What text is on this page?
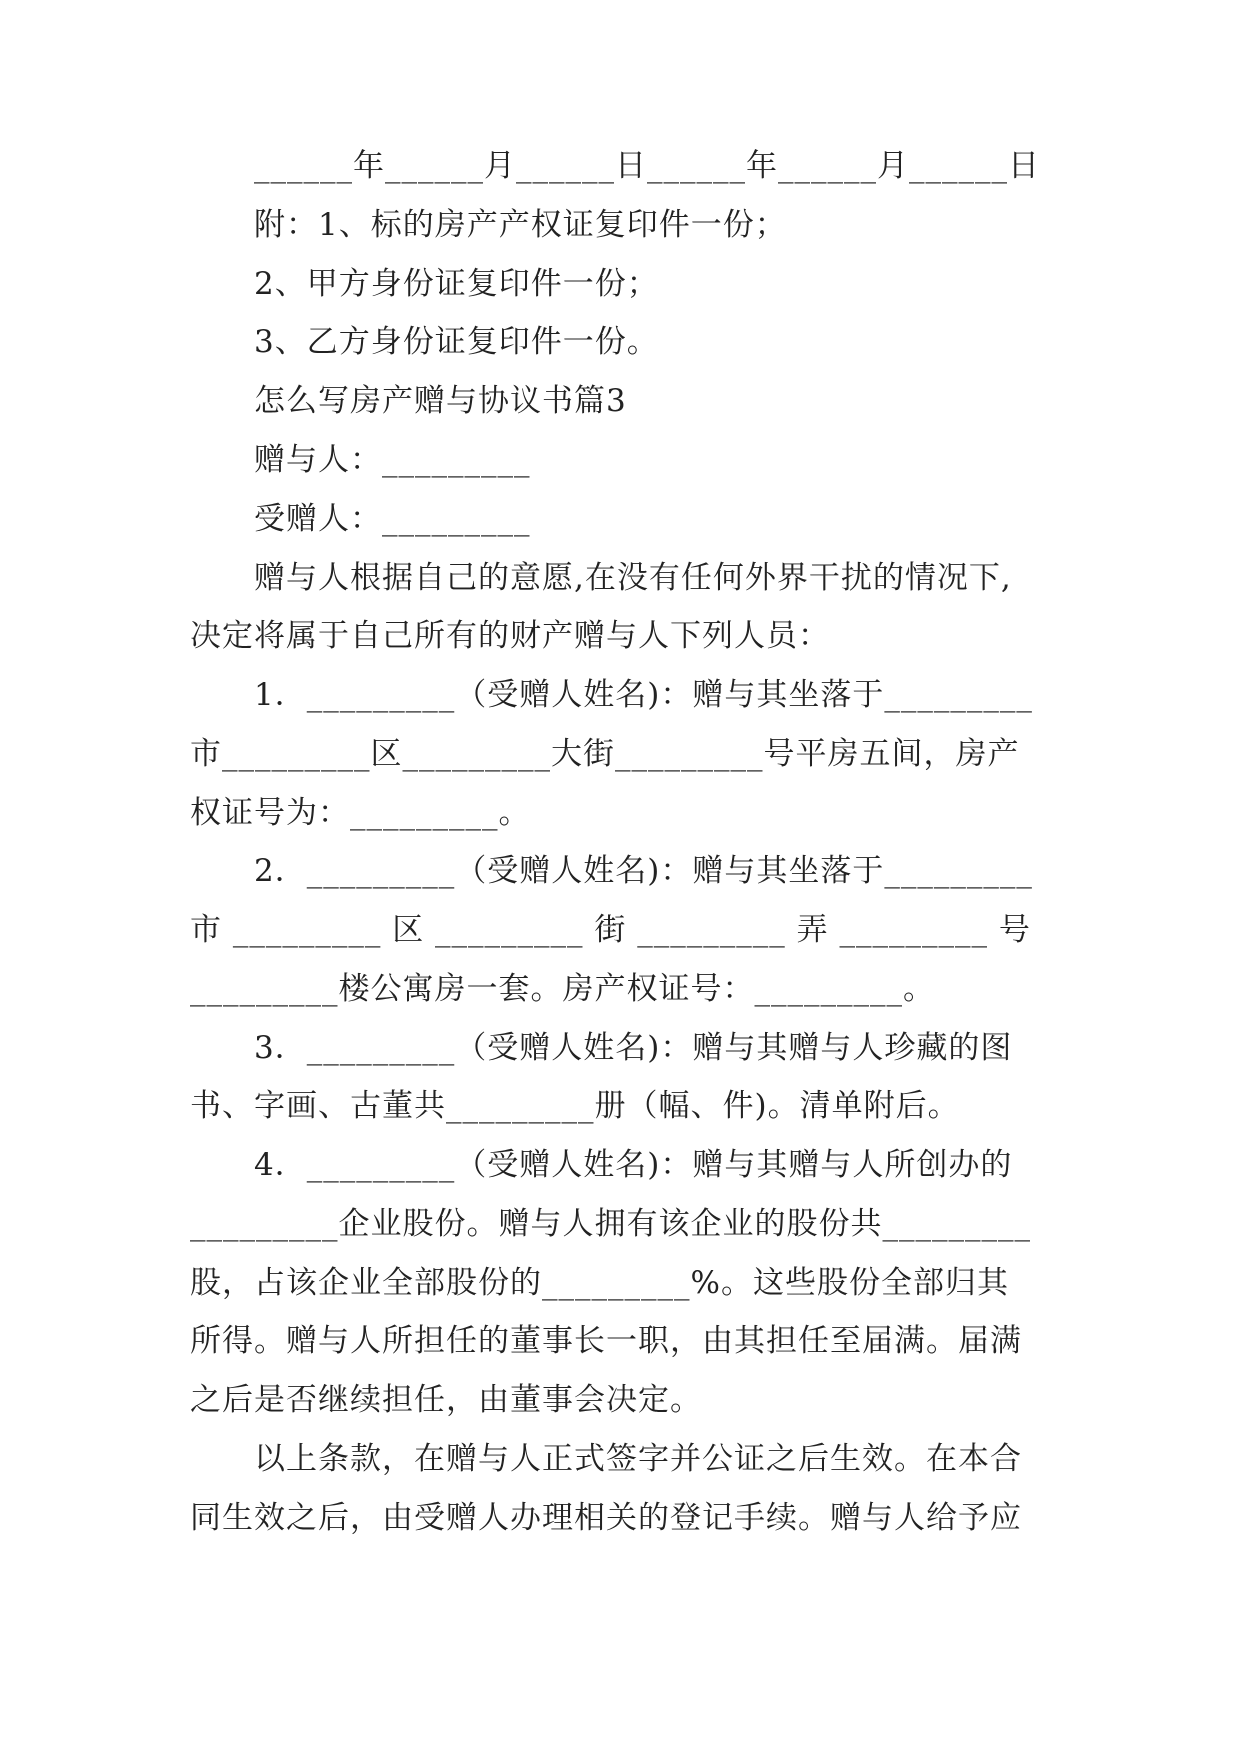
______年______月______日______年______月______日
附：1、标的房产产权证复印件一份；
2、甲方身份证复印件一份；
3、乙方身份证复印件一份。
怎么写房产赠与协议书篇3
赠与人：_________
受赠人：_________
赠与人根据自己的意愿,在没有任何外界干扰的情况下,
决定将属于自己所有的财产赠与人下列人员：
1．_________（受赠人姓名)：赠与其坐落于_________
市_________区_________大街_________号平房五间，房产
权证号为：_________。
2．_________（受赠人姓名)：赠与其坐落于_________
市 _________ 区 _________ 街 _________ 弄 _________ 号
_________楼公寓房一套。房产权证号：_________。
3．_________（受赠人姓名)：赠与其赠与人珍藏的图
书、字画、古董共_________册（幅、件)。清单附后。
4．_________（受赠人姓名)：赠与其赠与人所创办的
_________企业股份。赠与人拥有该企业的股份共_________
股，占该企业全部股份的_________%。这些股份全部归其
所得。赠与人所担任的董事长一职，由其担任至届满。届满
之后是否继续担任，由董事会决定。
以上条款，在赠与人正式签字并公证之后生效。在本合
同生效之后，由受赠人办理相关的登记手续。赠与人给予应
